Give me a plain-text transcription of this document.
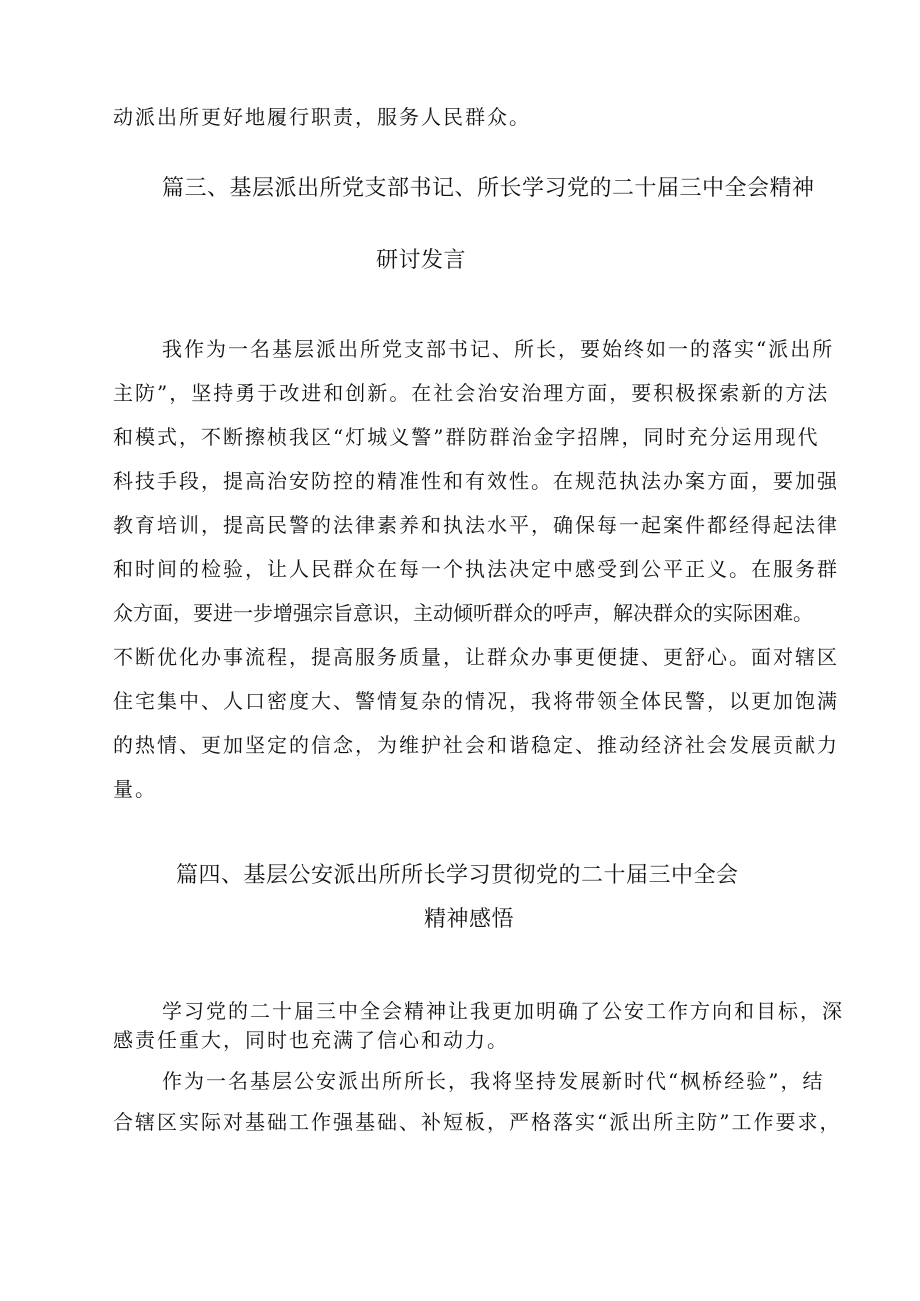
动派出所更好地履行职责，服务人民群众。
篇三、基层派出所党支部书记、所长学习党的二十届三中全会精神
研讨发言
我作为一名基层派出所党支部书记、所长，要始终如一的落实“派出所
主防”，坚持勇于改进和创新。在社会治安治理方面，要积极探索新的方法
和模式，不断擦桢我区“灯城义警”群防群治金字招牌，同时充分运用现代
科技手段，提高治安防控的精准性和有效性。在规范执法办案方面，要加强
教育培训，提高民警的法律素养和执法水平，确保每一起案件都经得起法律
和时间的检验，让人民群众在每一个执法决定中感受到公平正义。在服务群
众方面，要进一步增强宗旨意识，主动倾听群众的呼声，解决群众的实际困难。
不断优化办事流程，提高服务质量，让群众办事更便捷、更舒心。面对辖区
住宅集中、人口密度大、警情复杂的情况，我将带领全体民警，以更加饱满
的热情、更加坚定的信念，为维护社会和谐稳定、推动经济社会发展贡献力
量。
篇四、基层公安派出所所长学习贯彻党的二十届三中全会
精神感悟
学习党的二十届三中全会精神让我更加明确了公安工作方向和目标，深
感责任重大，同时也充满了信心和动力。
作为一名基层公安派出所所长，我将坚持发展新时代“枫桥经验”，结
合辖区实际对基础工作强基础、补短板，严格落实“派出所主防”工作要求，
